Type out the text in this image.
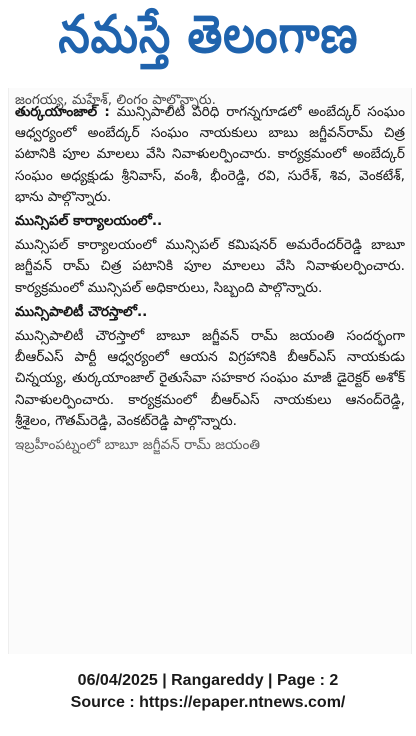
నమస్తే తెలంగాణ
జంగయ్య, మహేశ్, లింగం పాల్గొన్నారు.

తుర్కయాంజాల్ : మున్సిపాలిటీ పరిధి రాగన్నగూడలో అంబేద్కర్ సంఘం ఆధ్వర్యంలో అంబేద్కర్ సంఘం నాయకులు బాబు జగ్జీవన్‌రామ్ చిత్ర పటానికి పూల మాలలు వేసి నివాళులర్పించారు. కార్యక్రమంలో అంబేద్కర్ సంఘం అధ్యక్షుడు శ్రీనివాస్, వంశీ, భీంరెడ్డి, రవి, సురేశ్, శివ, వెంకటేశ్, భాను పాల్గొన్నారు.

మున్సిపల్ కార్యాలయంలో..

మున్సిపల్ కార్యాలయంలో మున్సిపల్ కమిషనర్ అమరేందర్‌రెడ్డి బాబూ జగ్జీవన్ రామ్ చిత్ర పటానికి పూల మాలలు వేసి నివాళులర్పించారు. కార్యక్రమంలో మున్సిపల్ అధికారులు, సిబ్బంది పాల్గొన్నారు.

మున్సిపాలిటీ చౌరస్తాలో..

మున్సిపాలిటీ చౌరస్తాలో బాబూ జగ్జీవన్ రామ్ జయంతి సందర్భంగా బీఆర్‌ఎస్ పార్టీ ఆధ్వర్యంలో ఆయన విగ్రహానికి బీఆర్‌ఎస్ నాయకుడు చిన్నయ్య, తుర్కయాంజాల్ రైతుసేవా సహకార సంఘం మాజీ డైరెక్టర్ అశోక్ నివాళులర్పించారు. కార్యక్రమంలో బీఆర్‌ఎస్ నాయకులు ఆనంద్‌రెడ్డి, శ్రీశైలం, గౌతమ్‌రెడ్డి, వెంకట్‌రెడ్డి పాల్గొన్నారు.

ఇబ్రహీంపట్నంలో బాబూ జగ్జీవన్ రామ్ జయంతి
06/04/2025 | Rangareddy | Page : 2
Source : https://epaper.ntnews.com/
